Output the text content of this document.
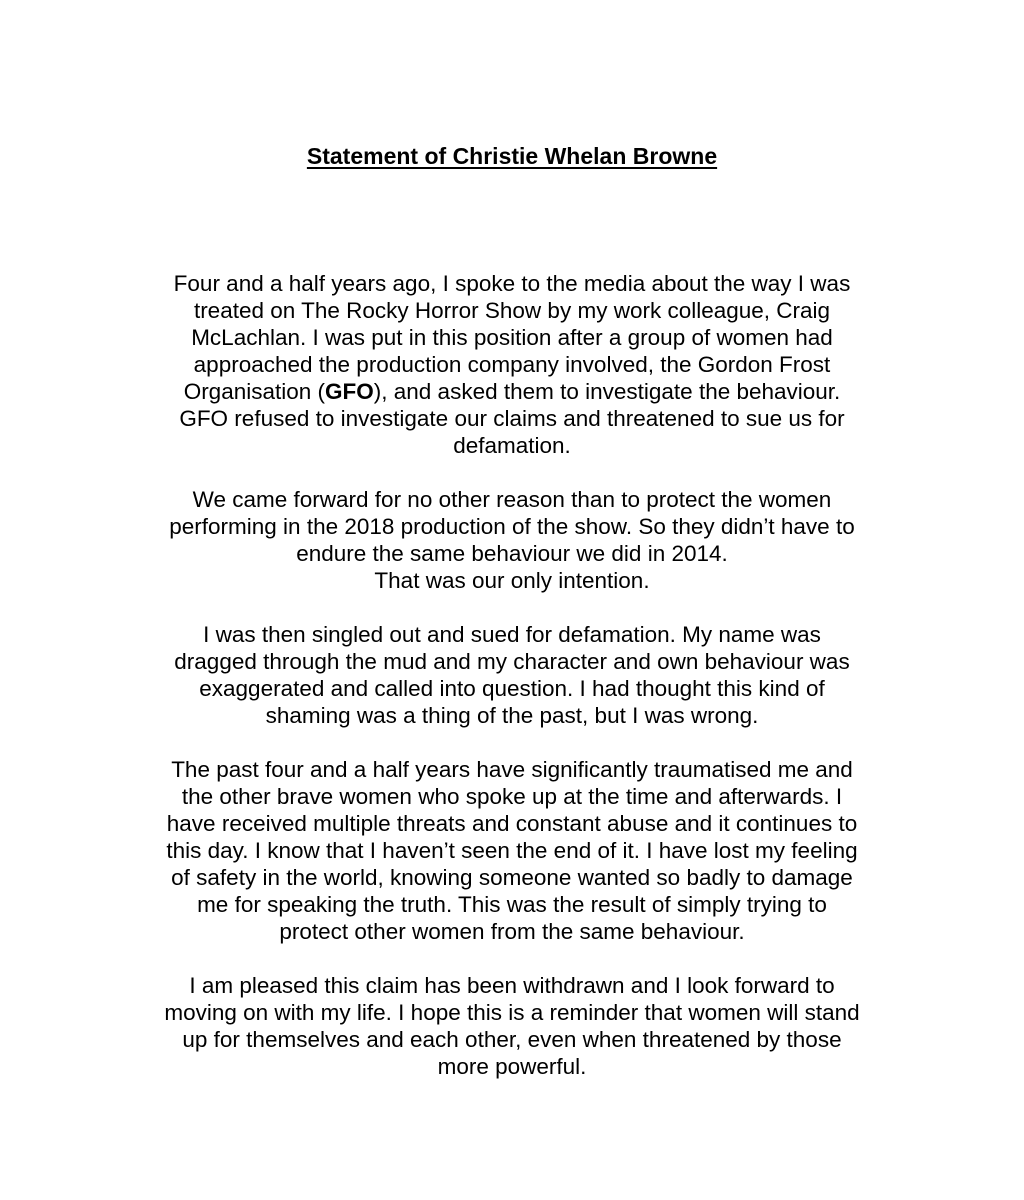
Statement of Christie Whelan Browne

Four and a half years ago, I spoke to the media about the way I was
treated on The Rocky Horror Show by my work colleague, Craig
McLachlan. I was put in this position after a group of women had
approached the production company involved, the Gordon Frost
Organisation (GFO), and asked them to investigate the behaviour.
GFO refused to investigate our claims and threatened to sue us for
defamation.

We came forward for no other reason than to protect the women
performing in the 2018 production of the show. So they didn’t have to
endure the same behaviour we did in 2014.
That was our only intention.

I was then singled out and sued for defamation. My name was
dragged through the mud and my character and own behaviour was
exaggerated and called into question. I had thought this kind of
shaming was a thing of the past, but I was wrong.

The past four and a half years have significantly traumatised me and
the other brave women who spoke up at the time and afterwards. I
have received multiple threats and constant abuse and it continues to
this day. I know that I haven’t seen the end of it. I have lost my feeling
of safety in the world, knowing someone wanted so badly to damage
me for speaking the truth. This was the result of simply trying to
protect other women from the same behaviour.

I am pleased this claim has been withdrawn and I look forward to
moving on with my life. I hope this is a reminder that women will stand
up for themselves and each other, even when threatened by those
more powerful.
